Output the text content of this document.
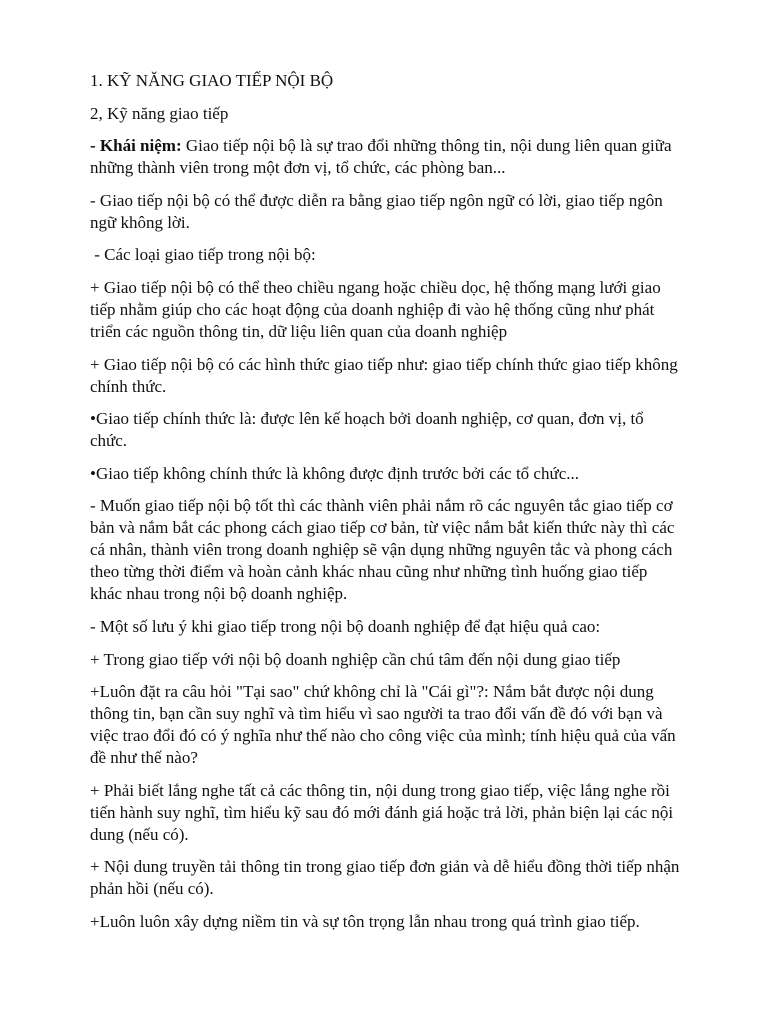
1. KỸ NĂNG GIAO TIẾP NỘI BỘ

2, Kỹ năng giao tiếp

- Khái niệm: Giao tiếp nội bộ là sự trao đổi những thông tin, nội dung liên quan giữa những thành viên trong một đơn vị, tổ chức, các phòng ban...

- Giao tiếp nội bộ có thể được diễn ra bằng giao tiếp ngôn ngữ có lời, giao tiếp ngôn ngữ không lời.

- Các loại giao tiếp trong nội bộ:

+ Giao tiếp nội bộ có thể theo chiều ngang hoặc chiều dọc, hệ thống mạng lưới giao tiếp nhằm giúp cho các hoạt động của doanh nghiệp đi vào hệ thống cũng như phát triển các nguồn thông tin, dữ liệu liên quan của doanh nghiệp

+ Giao tiếp nội bộ có các hình thức giao tiếp như: giao tiếp chính thức giao tiếp không chính thức.

•Giao tiếp chính thức là: được lên kế hoạch bởi doanh nghiệp, cơ quan, đơn vị, tổ chức.

•Giao tiếp không chính thức là không được định trước bởi các tổ chức...

- Muốn giao tiếp nội bộ tốt thì các thành viên phải nắm rõ các nguyên tắc giao tiếp cơ bản và nắm bắt các phong cách giao tiếp cơ bản, từ việc nắm bắt kiến thức này thì các cá nhân, thành viên trong doanh nghiệp sẽ vận dụng những nguyên tắc và phong cách theo từng thời điểm và hoàn cảnh khác nhau cũng như những tình huống giao tiếp khác nhau trong nội bộ doanh nghiệp.

- Một số lưu ý khi giao tiếp trong nội bộ doanh nghiệp để đạt hiệu quả cao:

+ Trong giao tiếp với nội bộ doanh nghiệp cần chú tâm đến nội dung giao tiếp

+Luôn đặt ra câu hỏi "Tại sao" chứ không chỉ là "Cái gì"?: Nắm bắt được nội dung thông tin, bạn cần suy nghĩ và tìm hiểu vì sao người ta trao đổi vấn đề đó với bạn và việc trao đổi đó có ý nghĩa như thế nào cho công việc của mình; tính hiệu quả của vấn đề như thế nào?

+ Phải biết lắng nghe tất cả các thông tin, nội dung trong giao tiếp, việc lắng nghe rồi tiến hành suy nghĩ, tìm hiểu kỹ sau đó mới đánh giá hoặc trả lời, phản biện lại các nội dung (nếu có).

+ Nội dung truyền tải thông tin trong giao tiếp đơn giản và dễ hiểu đồng thời tiếp nhận phản hồi (nếu có).

+Luôn luôn xây dựng niềm tin và sự tôn trọng lẫn nhau trong quá trình giao tiếp.
